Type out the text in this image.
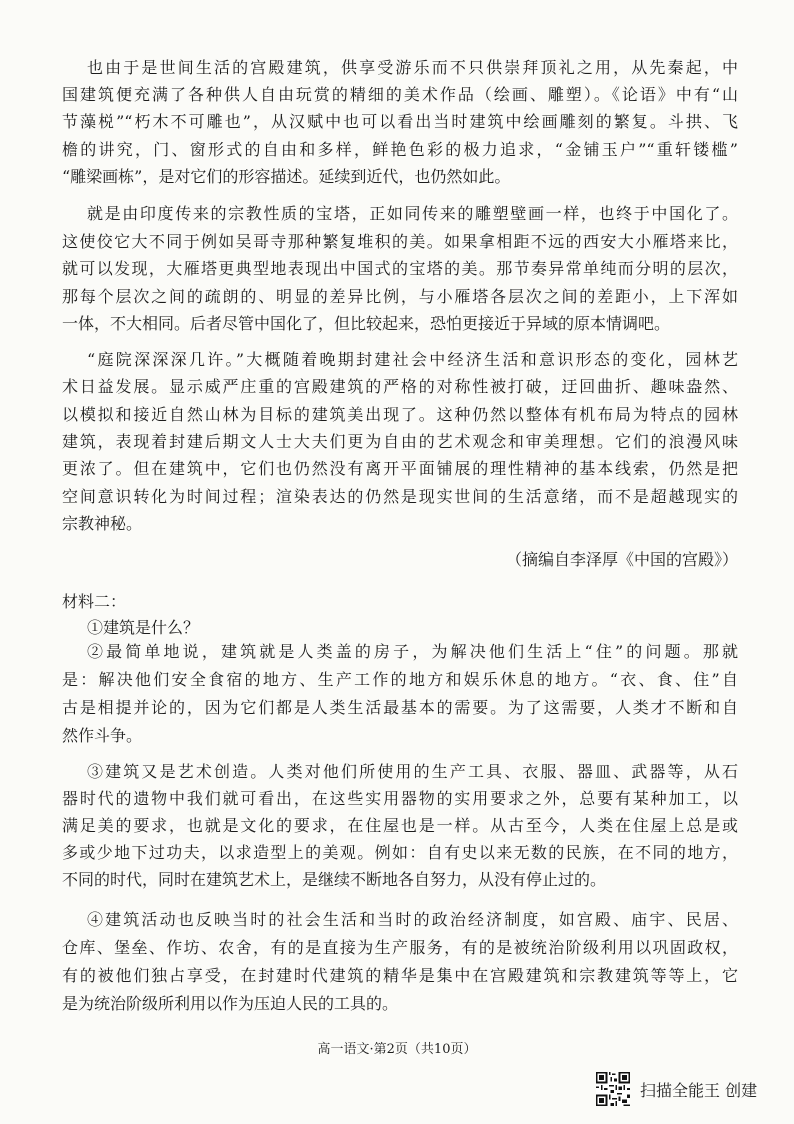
也由于是世间生活的宫殿建筑，供享受游乐而不只供崇拜顶礼之用，从先秦起，中

国建筑便充满了各种供人自由玩赏的精细的美术作品（绘画、雕塑）。《论语》中有“山

节藻棁”“朽木不可雕也”，从汉赋中也可以看出当时建筑中绘画雕刻的繁复。斗拱、飞

檐的讲究，门、窗形式的自由和多样，鲜艳色彩的极力追求，“金铺玉户”“重轩镂槛”

“雕梁画栋”，是对它们的形容描述。延续到近代，也仍然如此。

就是由印度传来的宗教性质的宝塔，正如同传来的雕塑壁画一样，也终于中国化了。

这使佼它大不同于例如吴哥寺那种繁复堆积的美。如果拿相距不远的西安大小雁塔来比，

就可以发现，大雁塔更典型地表现出中国式的宝塔的美。那节奏异常单纯而分明的层次，

那每个层次之间的疏朗的、明显的差异比例，与小雁塔各层次之间的差距小，上下浑如

一体，不大相同。后者尽管中国化了，但比较起来，恐怕更接近于异域的原本情调吧。

“庭院深深深几许。”大概随着晚期封建社会中经济生活和意识形态的变化，园林艺

术日益发展。显示威严庄重的宫殿建筑的严格的对称性被打破，迂回曲折、趣味盎然、

以模拟和接近自然山林为目标的建筑美出现了。这种仍然以整体有机布局为特点的园林

建筑，表现着封建后期文人士大夫们更为自由的艺术观念和审美理想。它们的浪漫风味

更浓了。但在建筑中，它们也仍然没有离开平面铺展的理性精神的基本线索，仍然是把

空间意识转化为时间过程；渲染表达的仍然是现实世间的生活意绪，而不是超越现实的

宗教神秘。

（摘编自李泽厚《中国的宫殿》）

材料二：

①建筑是什么？

②最简单地说，建筑就是人类盖的房子，为解决他们生活上“住”的问题。那就

是：解决他们安全食宿的地方、生产工作的地方和娱乐休息的地方。“衣、食、住”自

古是相提并论的，因为它们都是人类生活最基本的需要。为了这需要，人类才不断和自

然作斗争。

③建筑又是艺术创造。人类对他们所使用的生产工具、衣服、器皿、武器等，从石

器时代的遗物中我们就可看出，在这些实用器物的实用要求之外，总要有某种加工，以

满足美的要求，也就是文化的要求，在住屋也是一样。从古至今，人类在住屋上总是或

多或少地下过功夫，以求造型上的美观。例如：自有史以来无数的民族，在不同的地方，

不同的时代，同时在建筑艺术上，是继续不断地各自努力，从没有停止过的。

④建筑活动也反映当时的社会生活和当时的政治经济制度，如宫殿、庙宇、民居、

仓库、堡垒、作坊、农舍，有的是直接为生产服务，有的是被统治阶级利用以巩固政权，

有的被他们独占享受，在封建时代建筑的精华是集中在宫殿建筑和宗教建筑等等上，它

是为统治阶级所利用以作为压迫人民的工具的。

高一语文·第2页（共10页）
扫描全能王 创建
